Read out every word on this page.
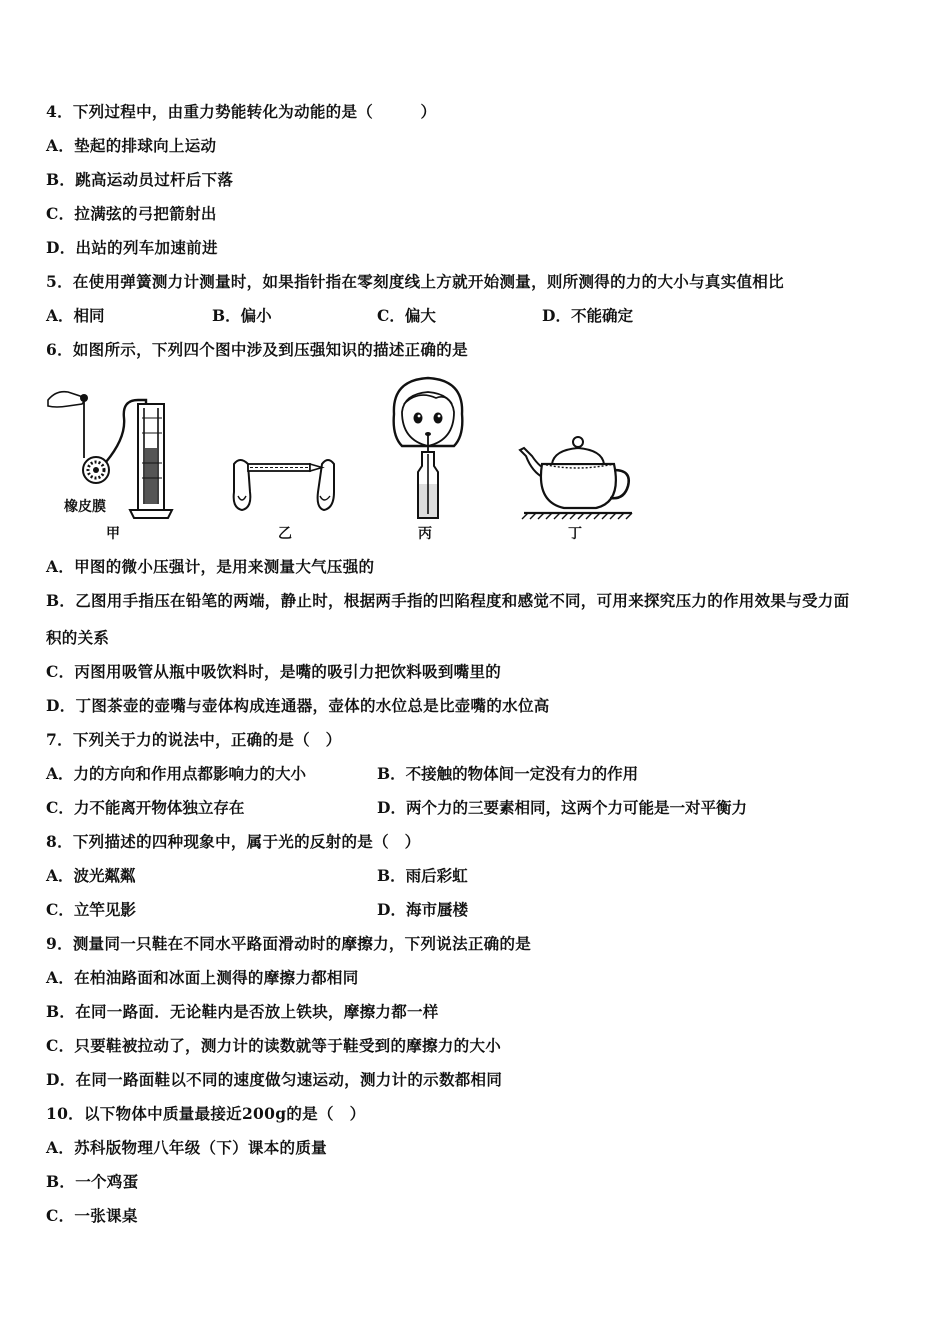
4．下列过程中，由重力势能转化为动能的是（　　　）
A．垫起的排球向上运动
B．跳高运动员过杆后下落
C．拉满弦的弓把箭射出
D．出站的列车加速前进
5．在使用弹簧测力计测量时，如果指针指在零刻度线上方就开始测量，则所测得的力的大小与真实值相比
A．相同	B．偏小	C．偏大	D．不能确定
6．如图所示，下列四个图中涉及到压强知识的描述正确的是
橡皮膜
甲	乙	丙	丁
A．甲图的微小压强计，是用来测量大气压强的
B．乙图用手指压在铅笔的两端，静止时，根据两手指的凹陷程度和感觉不同，可用来探究压力的作用效果与受力面
积的关系
C．丙图用吸管从瓶中吸饮料时，是嘴的吸引力把饮料吸到嘴里的
D．丁图茶壶的壶嘴与壶体构成连通器，壶体的水位总是比壶嘴的水位高
7．下列关于力的说法中，正确的是（　）
A．力的方向和作用点都影响力的大小	B．不接触的物体间一定没有力的作用
C．力不能离开物体独立存在	D．两个力的三要素相同，这两个力可能是一对平衡力
8．下列描述的四种现象中，属于光的反射的是（　）
A．波光粼粼	B．雨后彩虹
C．立竿见影	D．海市蜃楼
9．测量同一只鞋在不同水平路面滑动时的摩擦力，下列说法正确的是
A．在柏油路面和冰面上测得的摩擦力都相同
B．在同一路面．无论鞋内是否放上铁块，摩擦力都一样
C．只要鞋被拉动了，测力计的读数就等于鞋受到的摩擦力的大小
D．在同一路面鞋以不同的速度做匀速运动，测力计的示数都相同
10．以下物体中质量最接近200g的是（　）
A．苏科版物理八年级（下）课本的质量
B．一个鸡蛋
C．一张课桌
